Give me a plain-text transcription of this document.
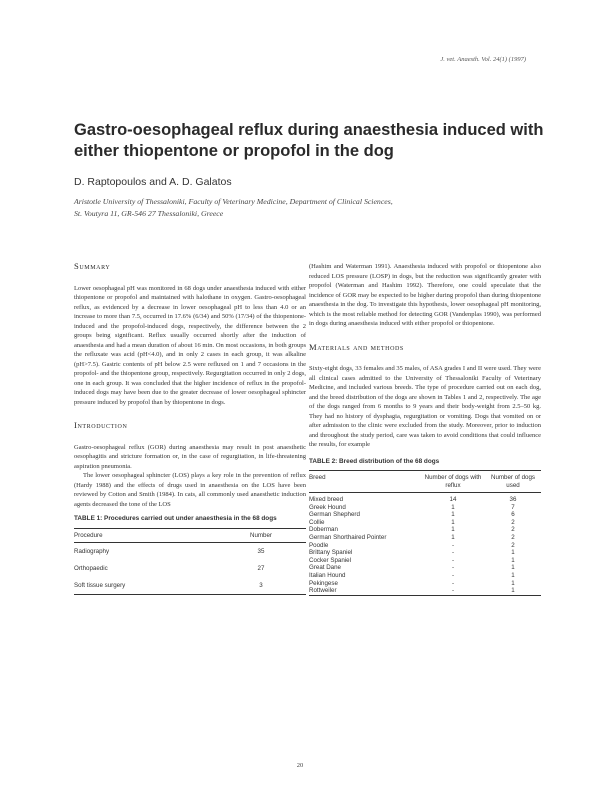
J. vet. Anaesth. Vol. 24(1) (1997)
Gastro-oesophageal reflux during anaesthesia induced with either thiopentone or propofol in the dog
D. Raptopoulos and A. D. Galatos
Aristotle University of Thessaloniki, Faculty of Veterinary Medicine, Department of Clinical Sciences,
St. Voutyra 11, GR-546 27 Thessaloniki, Greece
Summary

Lower oesophageal pH was monitored in 68 dogs under anaesthesia induced with either thiopentone or propofol and maintained with halothane in oxygen. Gastro-oesophageal reflux, as evidenced by a decrease in lower oesophageal pH to less than 4.0 or an increase to more than 7.5, occurred in 17.6% (6/34) and 50% (17/34) of the thiopentone-induced and the propofol-induced dogs, respectively, the difference between the 2 groups being significant. Reflux usually occurred shortly after the induction of anaesthesia and had a mean duration of about 16 min. On most occasions, in both groups the refluxate was acid (pH<4.0), and in only 2 cases in each group, it was alkaline (pH>7.5). Gastric contents of pH below 2.5 were refluxed on 1 and 7 occasions in the propofol- and the thiopentone group, respectively. Regurgitation occurred in only 2 dogs, one in each group. It was concluded that the higher incidence of reflux in the propofol-induced dogs may have been due to the greater decrease of lower oesophageal sphincter pressure induced by propofol than by thiopentone in dogs.

Introduction

Gastro-oesophageal reflux (GOR) during anaesthesia may result in post anaesthetic oesophagitis and stricture formation or, in the case of regurgitation, in life-threatening aspiration pneumonia.

The lower oesophageal sphincter (LOS) plays a key role in the prevention of reflux (Hardy 1988) and the effects of drugs used in anaesthesia on the LOS have been reviewed by Cotton and Smith (1984). In cats, all commonly used anaesthetic induction agents decreased the tone of the LOS

TABLE 1: Procedures carried out under anaesthesia in the 68 dogs
Procedure	Number
Radiography	35
Orthopaedic	27
Soft tissue surgery	3

(Hashim and Waterman 1991). Anaesthesia induced with propofol or thiopentone also reduced LOS pressure (LOSP) in dogs, but the reduction was significantly greater with propofol (Waterman and Hashim 1992). Therefore, one could speculate that the incidence of GOR may be expected to be higher during propofol than during thiopentone anaesthesia in the dog. To investigate this hypothesis, lower oesophageal pH monitoring, which is the most reliable method for detecting GOR (Vandenplas 1990), was performed in dogs during anaesthesia induced with either propofol or thiopentone.

Materials and methods

Sixty-eight dogs, 33 females and 35 males, of ASA grades I and II were used. They were all clinical cases admitted to the University of Thessaloniki Faculty of Veterinary Medicine, and included various breeds. The type of procedure carried out on each dog, and the breed distribution of the dogs are shown in Tables 1 and 2, respectively. The age of the dogs ranged from 6 months to 9 years and their body-weight from 2.5–50 kg. They had no history of dysphagia, regurgitation or vomiting. Dogs that vomited on or after admission to the clinic were excluded from the study. Moreover, prior to induction and throughout the study period, care was taken to avoid conditions that could influence the results, for example

TABLE 2: Breed distribution of the 68 dogs
Breed	Number of dogs with reflux	Number of dogs used
Mixed breed	14	36
Greek Hound	1	7
German Shepherd	1	6
Collie	1	2
Doberman	1	2
German Shorthaired Pointer	1	2
Poodle	-	2
Brittany Spaniel	-	1
Cocker Spaniel	-	1
Great Dane	-	1
Italian Hound	-	1
Pekingese	-	1
Rottweiler	-	1
20
